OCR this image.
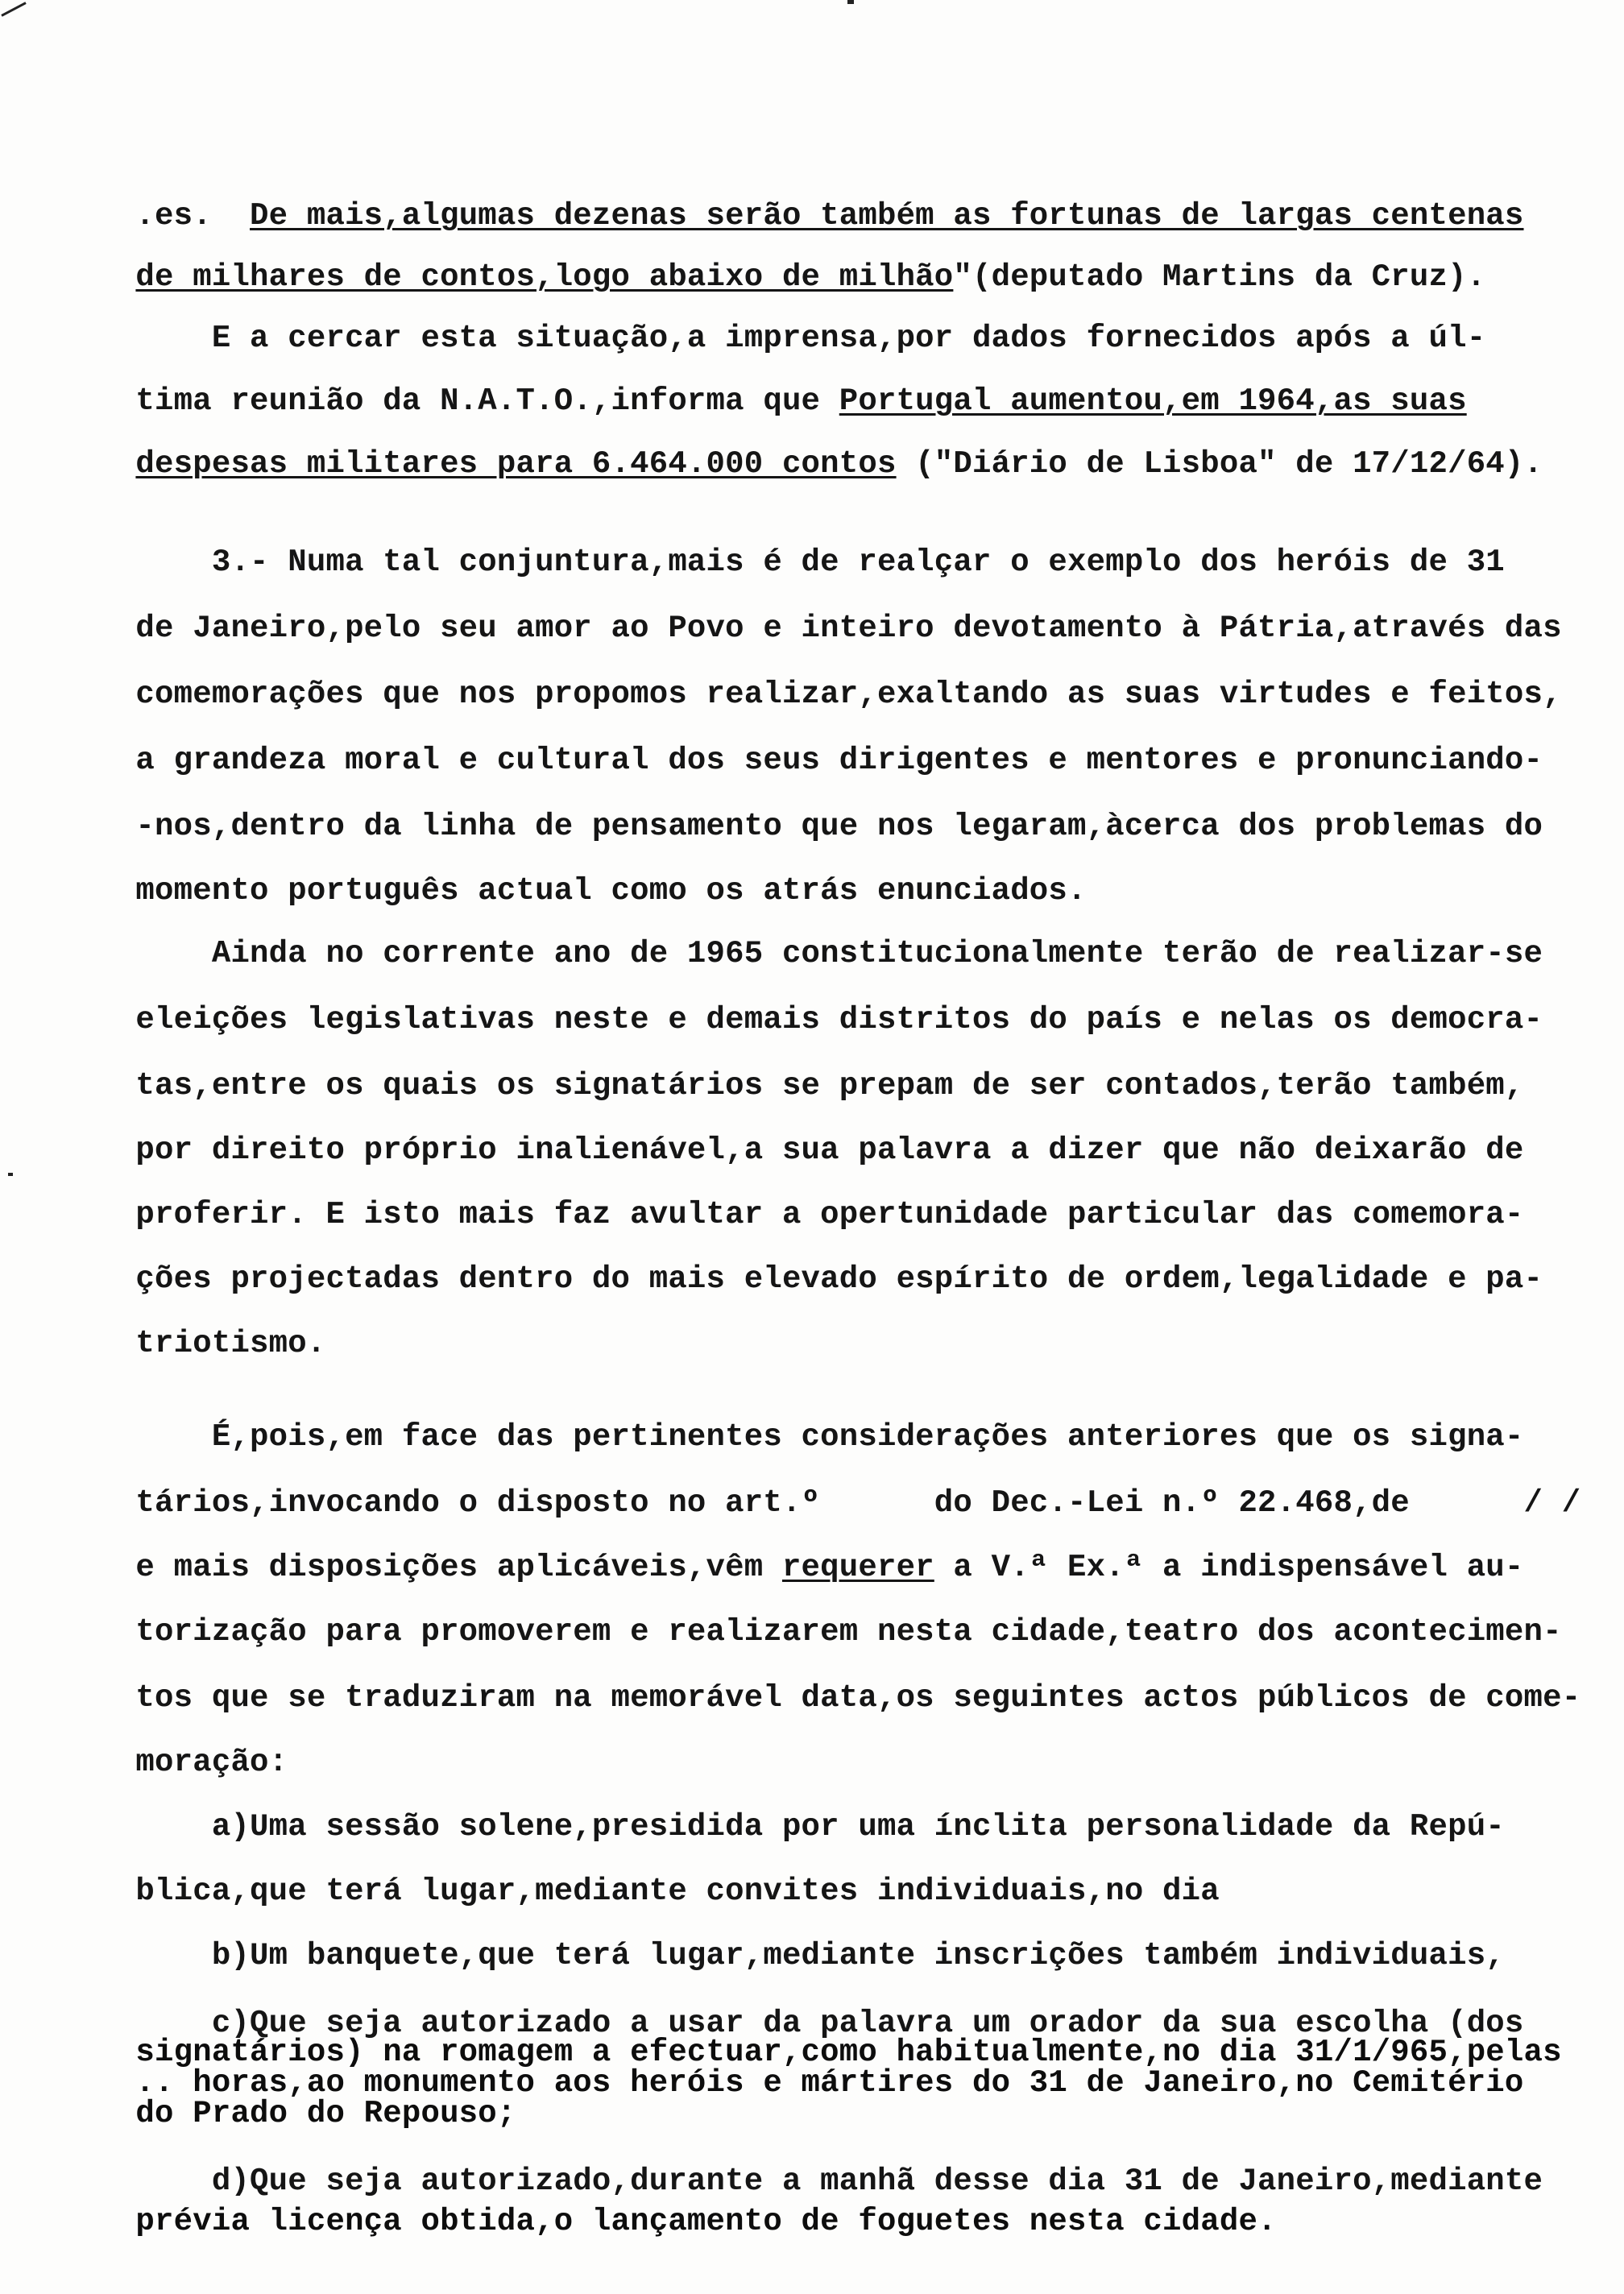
.es.  De mais,algumas dezenas serão também as fortunas de largas centenas

de milhares de contos,logo abaixo de milhão"(deputado Martins da Cruz).

E a cercar esta situação,a imprensa,por dados fornecidos após a úl-

tima reunião da N.A.T.O.,informa que Portugal aumentou,em 1964,as suas

despesas militares para 6.464.000 contos ("Diário de Lisboa" de 17/12/64).

3.- Numa tal conjuntura,mais é de realçar o exemplo dos heróis de 31

de Janeiro,pelo seu amor ao Povo e inteiro devotamento à Pátria,através das

comemorações que nos propomos realizar,exaltando as suas virtudes e feitos,

a grandeza moral e cultural dos seus dirigentes e mentores e pronunciando-

-nos,dentro da linha de pensamento que nos legaram,àcerca dos problemas do

momento português actual como os atrás enunciados.

Ainda no corrente ano de 1965 constitucionalmente terão de realizar-se

eleições legislativas neste e demais distritos do país e nelas os democra-

tas,entre os quais os signatários se prepam de ser contados,terão também,

por direito próprio inalienável,a sua palavra a dizer que não deixarão de

proferir. E isto mais faz avultar a opertunidade particular das comemora-

ções projectadas dentro do mais elevado espírito de ordem,legalidade e pa-

triotismo.

É,pois,em face das pertinentes considerações anteriores que os signa-

tários,invocando o disposto no art.º      do Dec.-Lei n.º 22.468,de      / /

e mais disposições aplicáveis,vêm requerer a V.ª Ex.ª a indispensável au-

torização para promoverem e realizarem nesta cidade,teatro dos acontecimen-

tos que se traduziram na memorável data,os seguintes actos públicos de come-

moração:

a)Uma sessão solene,presidida por uma ínclita personalidade da Repú-

blica,que terá lugar,mediante convites individuais,no dia

b)Um banquete,que terá lugar,mediante inscrições também individuais,

c)Que seja autorizado a usar da palavra um orador da sua escolha (dos

signatários) na romagem a efectuar,como habitualmente,no dia 31/1/965,pelas

.. horas,ao monumento aos heróis e mártires do 31 de Janeiro,no Cemitério

do Prado do Repouso;

d)Que seja autorizado,durante a manhã desse dia 31 de Janeiro,mediante

prévia licença obtida,o lançamento de foguetes nesta cidade.
